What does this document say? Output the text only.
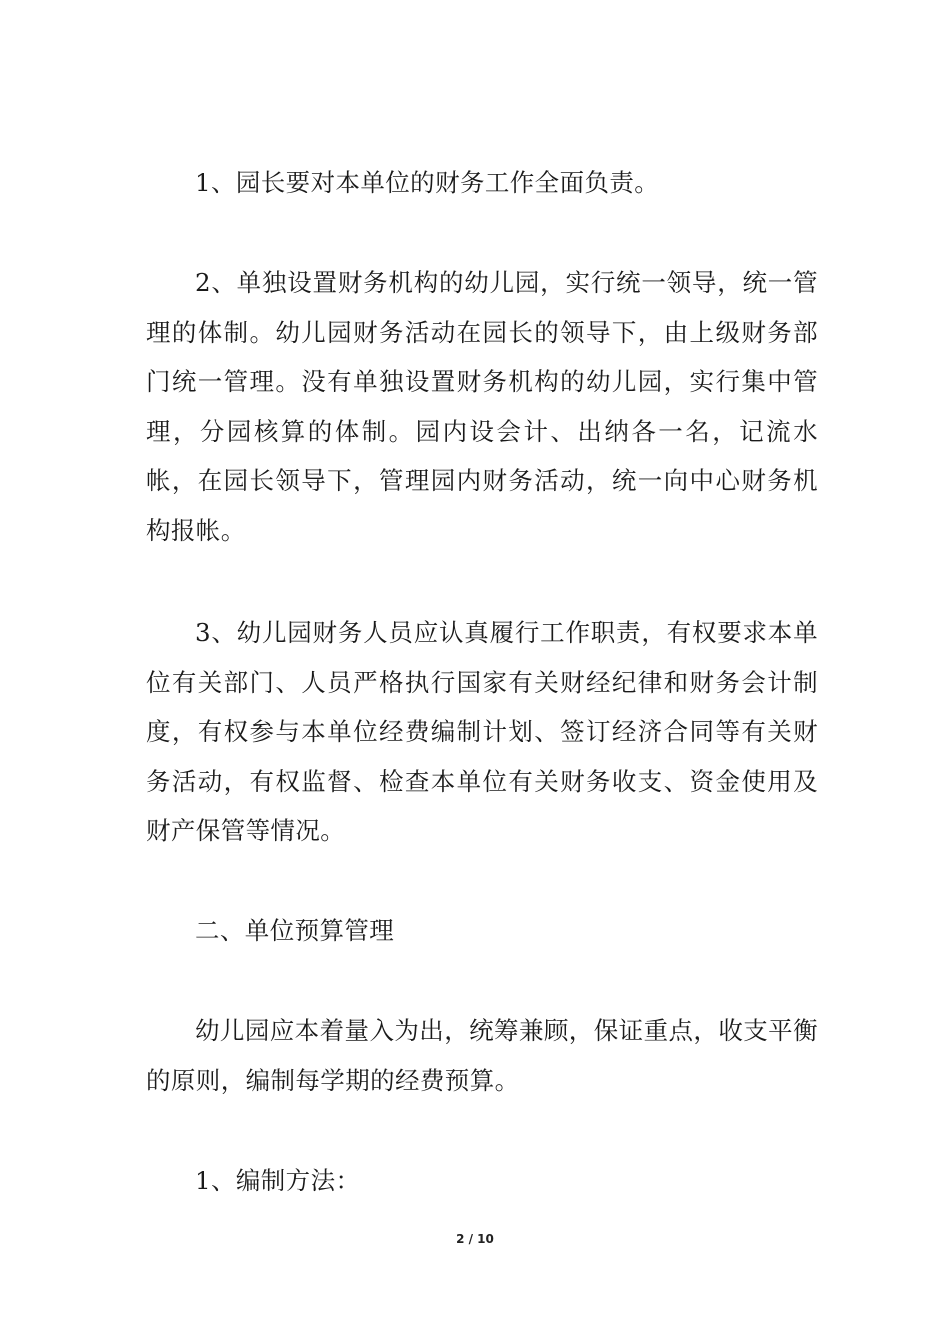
1、园长要对本单位的财务工作全面负责。

2、单独设置财务机构的幼儿园，实行统一领导，统一管理的体制。幼儿园财务活动在园长的领导下，由上级财务部门统一管理。没有单独设置财务机构的幼儿园，实行集中管理，分园核算的体制。园内设会计、出纳各一名，记流水帐，在园长领导下，管理园内财务活动，统一向中心财务机构报帐。

3、幼儿园财务人员应认真履行工作职责，有权要求本单位有关部门、人员严格执行国家有关财经纪律和财务会计制度，有权参与本单位经费编制计划、签订经济合同等有关财务活动，有权监督、检查本单位有关财务收支、资金使用及财产保管等情况。

二、单位预算管理

幼儿园应本着量入为出，统筹兼顾，保证重点，收支平衡的原则，编制每学期的经费预算。

1、编制方法：

2 / 10
